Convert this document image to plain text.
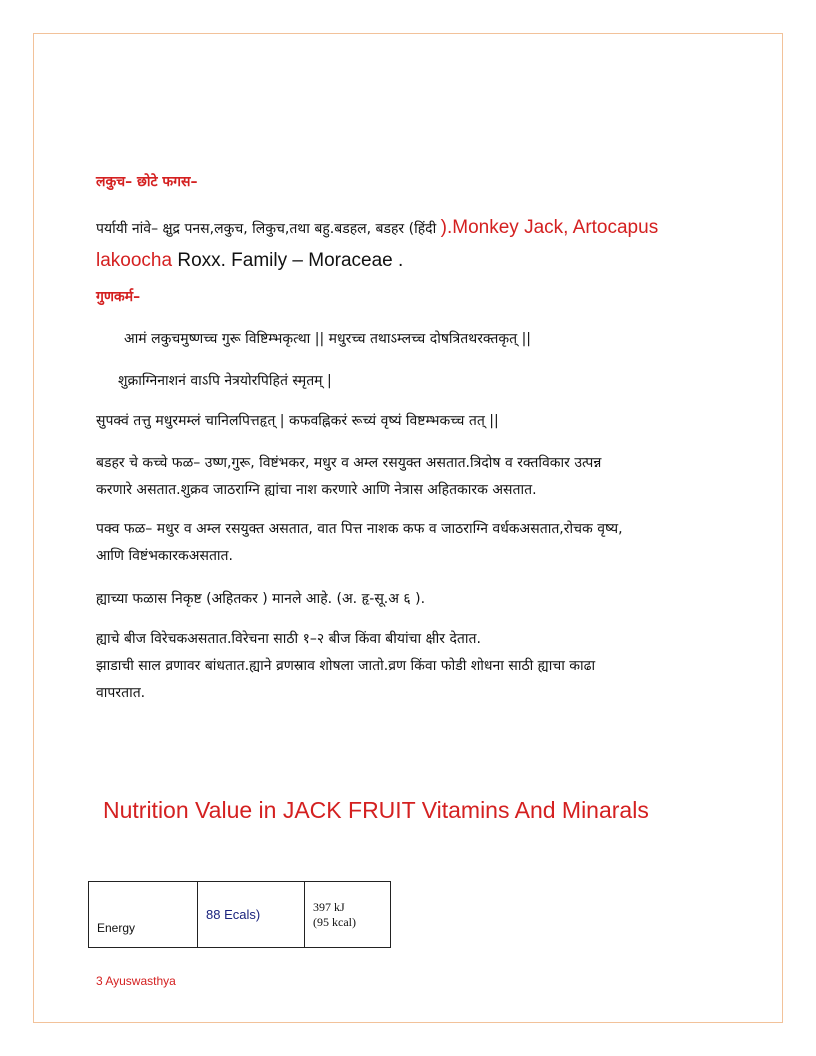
लकुच– छोटे फगस–

पर्यायी नांवे– क्षुद्र पनस,लकुच, लिकुच,तथा बहु.बडहल, बडहर (हिंदी ).Monkey Jack, Artocapus
lakoocha Roxx. Family – Moraceae .

गुणकर्म–

आमं लकुचमुष्णच्च गुरू विष्टिम्भकृत्था || मधुरच्च तथाऽम्लच्च दोषत्रितथरक्तकृत् ||

शुक्राग्निनाशनं वाऽपि नेत्रयोरपिहितं स्मृतम् |

सुपक्वं तत्तु मधुरमम्लं चानिलपित्तहृत् | कफवह्निकरं रूच्यं वृष्यं विष्टम्भकच्च तत् ||

बडहर चे कच्चे फळ– उष्ण,गुरू, विष्टंभकर, मधुर व अम्ल रसयुक्त असतात.त्रिदोष व रक्तविकार उत्पन्न
करणारे असतात.शुक्रव जाठराग्नि ह्यांचा नाश करणारे आणि नेत्रास अहितकारक असतात.

पक्व फळ– मधुर व अम्ल रसयुक्त असतात, वात पित्त नाशक कफ व जाठराग्नि वर्धकअसतात,रोचक वृष्य,
आणि विष्टंभकारकअसतात.

ह्याच्या फळास निकृष्ट (अहितकर ) मानले आहे. (अ. हृ-सू.अ ६ ).

ह्याचे बीज विरेचकअसतात.विरेचना साठी १–२ बीज किंवा बीयांचा क्षीर देतात.
झाडाची साल व्रणावर बांधतात.ह्याने व्रणस्राव शोषला जातो.व्रण किंवा फोडी शोधना साठी ह्याचा काढा
वापरतात.

Nutrition Value in JACK FRUIT Vitamins And Minarals
Energy	88 Ecals)	397 kJ
(95 kcal)
3 Ayuswasthya
